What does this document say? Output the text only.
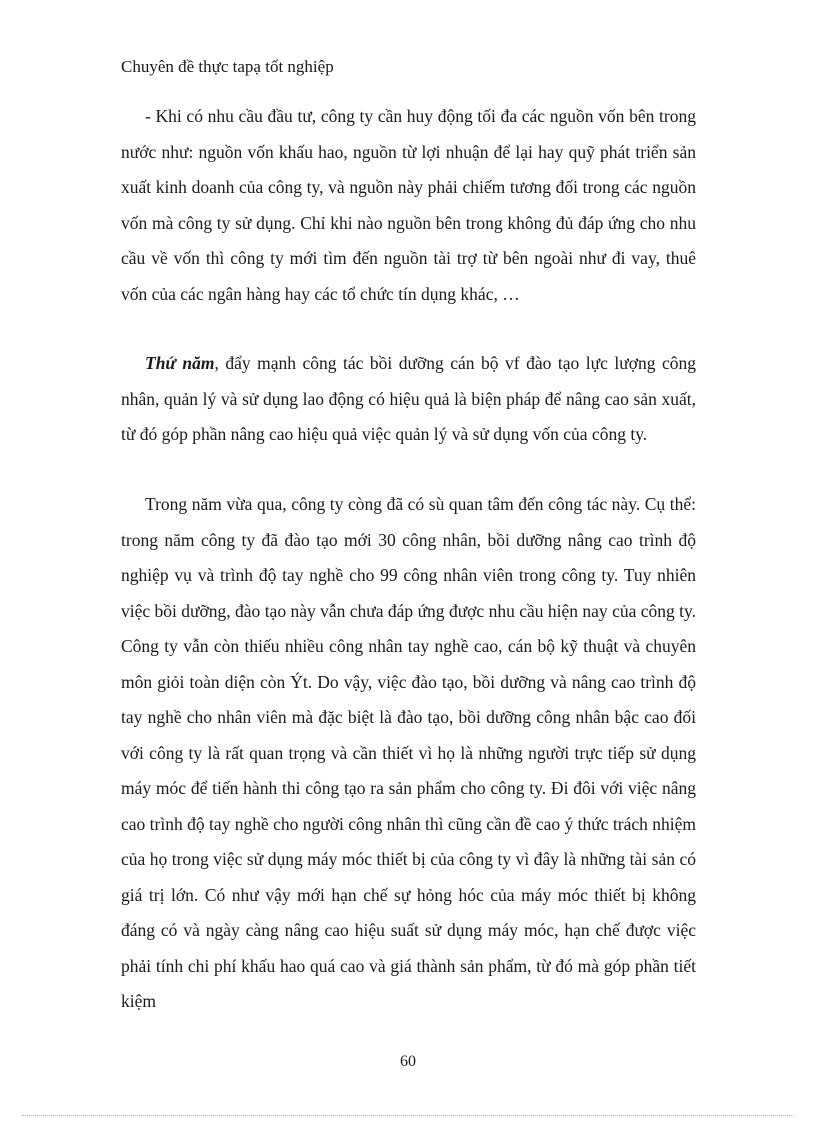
Chuyên đề thực tapạ tốt nghiệp

- Khi có nhu cầu đầu tư, công ty cần huy động tối đa các nguồn vốn bên trong nước như: nguồn vốn khấu hao, nguồn từ lợi nhuận để lại hay quỹ phát triển sản xuất kinh doanh của công ty, và nguồn này phải chiếm tương đối trong các nguồn vốn mà công ty sử dụng. Chỉ khi nào nguồn bên trong không đủ đáp ứng cho nhu cầu về vốn thì công ty mới tìm đến nguồn tài trợ từ bên ngoài như đi vay, thuê vốn của các ngân hàng hay các tổ chức tín dụng khác, …

Thứ năm, đẩy mạnh công tác bồi dưỡng cán bộ vf đào tạo lực lượng công nhân, quản lý và sử dụng lao động có hiệu quả là biện pháp để nâng cao sản xuất, từ đó góp phần nâng cao hiệu quả việc quản lý và sử dụng vốn của công ty.

Trong năm vừa qua, công ty còng đã có sù quan tâm đến công tác này. Cụ thể: trong năm công ty đã đào tạo mới 30 công nhân, bồi dưỡng nâng cao trình độ nghiệp vụ và trình độ tay nghề cho 99 công nhân viên trong công ty. Tuy nhiên việc bồi dưỡng, đào tạo này vẫn chưa đáp ứng được nhu cầu hiện nay của công ty. Công ty vẫn còn thiếu nhiều công nhân tay nghề cao, cán bộ kỹ thuật và chuyên môn giỏi toàn diện còn Ýt. Do vậy, việc đào tạo, bồi dưỡng và nâng cao trình độ tay nghề cho nhân viên mà đặc biệt là đào tạo, bồi dưỡng công nhân bậc cao đối với công ty là rất quan trọng và cần thiết vì họ là những người trực tiếp sử dụng máy móc để tiến hành thi công tạo ra sản phẩm cho công ty. Đi đôi với việc nâng cao trình độ tay nghề cho người công nhân thì cũng cần đề cao ý thức trách nhiệm của họ trong việc sử dụng máy móc thiết bị của công ty vì đây là những tài sản có giá trị lớn. Có như vậy mới hạn chế sự hỏng hóc của máy móc thiết bị không đáng có và ngày càng nâng cao hiệu suất sử dụng máy móc, hạn chế được việc phải tính chi phí khấu hao quá cao và giá thành sản phẩm, từ đó mà góp phần tiết kiệm

60
